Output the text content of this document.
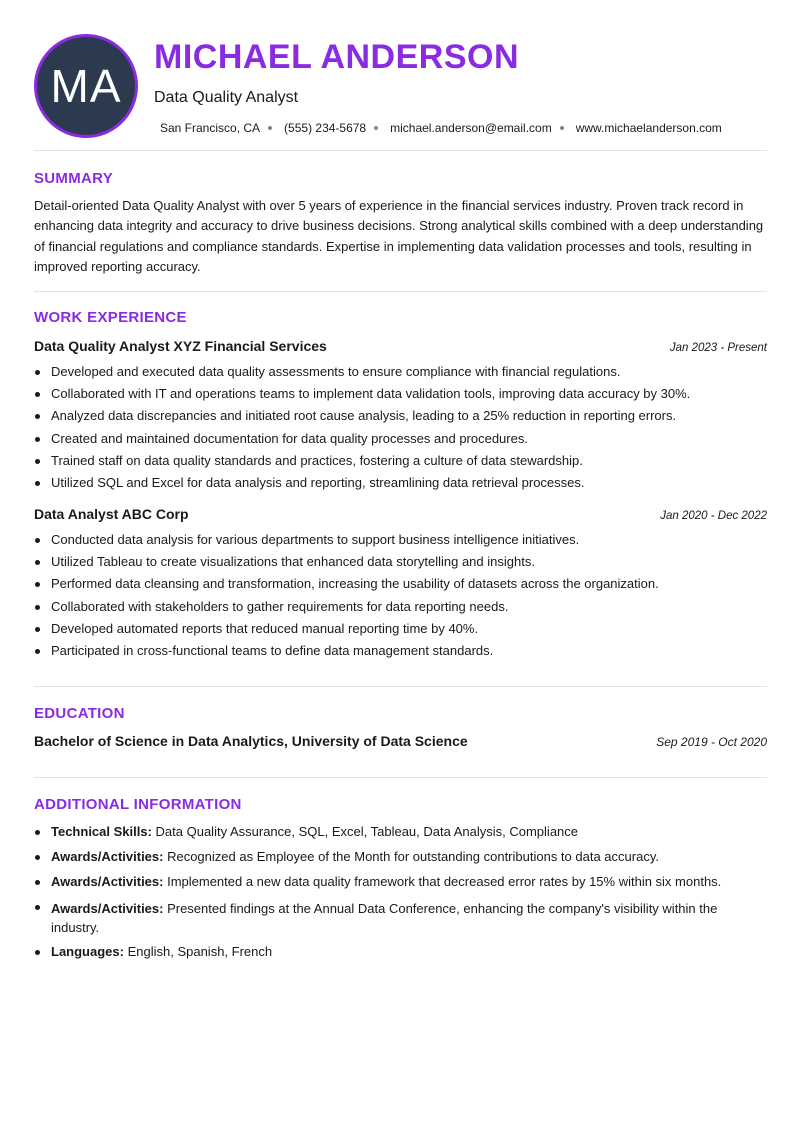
MA
MICHAEL ANDERSON
Data Quality Analyst
San Francisco, CA (555) 234-5678 michael.anderson@email.com www.michaelanderson.com
SUMMARY
Detail-oriented Data Quality Analyst with over 5 years of experience in the financial services industry. Proven track record in enhancing data integrity and accuracy to drive business decisions. Strong analytical skills combined with a deep understanding of financial regulations and compliance standards. Expertise in implementing data validation processes and tools, resulting in improved reporting accuracy.
WORK EXPERIENCE
Data Quality Analyst XYZ Financial Services	Jan 2023 - Present
Developed and executed data quality assessments to ensure compliance with financial regulations.
Collaborated with IT and operations teams to implement data validation tools, improving data accuracy by 30%.
Analyzed data discrepancies and initiated root cause analysis, leading to a 25% reduction in reporting errors.
Created and maintained documentation for data quality processes and procedures.
Trained staff on data quality standards and practices, fostering a culture of data stewardship.
Utilized SQL and Excel for data analysis and reporting, streamlining data retrieval processes.
Data Analyst ABC Corp	Jan 2020 - Dec 2022
Conducted data analysis for various departments to support business intelligence initiatives.
Utilized Tableau to create visualizations that enhanced data storytelling and insights.
Performed data cleansing and transformation, increasing the usability of datasets across the organization.
Collaborated with stakeholders to gather requirements for data reporting needs.
Developed automated reports that reduced manual reporting time by 40%.
Participated in cross-functional teams to define data management standards.
EDUCATION
Bachelor of Science in Data Analytics, University of Data Science	Sep 2019 - Oct 2020
ADDITIONAL INFORMATION
Technical Skills: Data Quality Assurance, SQL, Excel, Tableau, Data Analysis, Compliance
Awards/Activities: Recognized as Employee of the Month for outstanding contributions to data accuracy.
Awards/Activities: Implemented a new data quality framework that decreased error rates by 15% within six months.
Awards/Activities: Presented findings at the Annual Data Conference, enhancing the company's visibility within the industry.
Languages: English, Spanish, French
